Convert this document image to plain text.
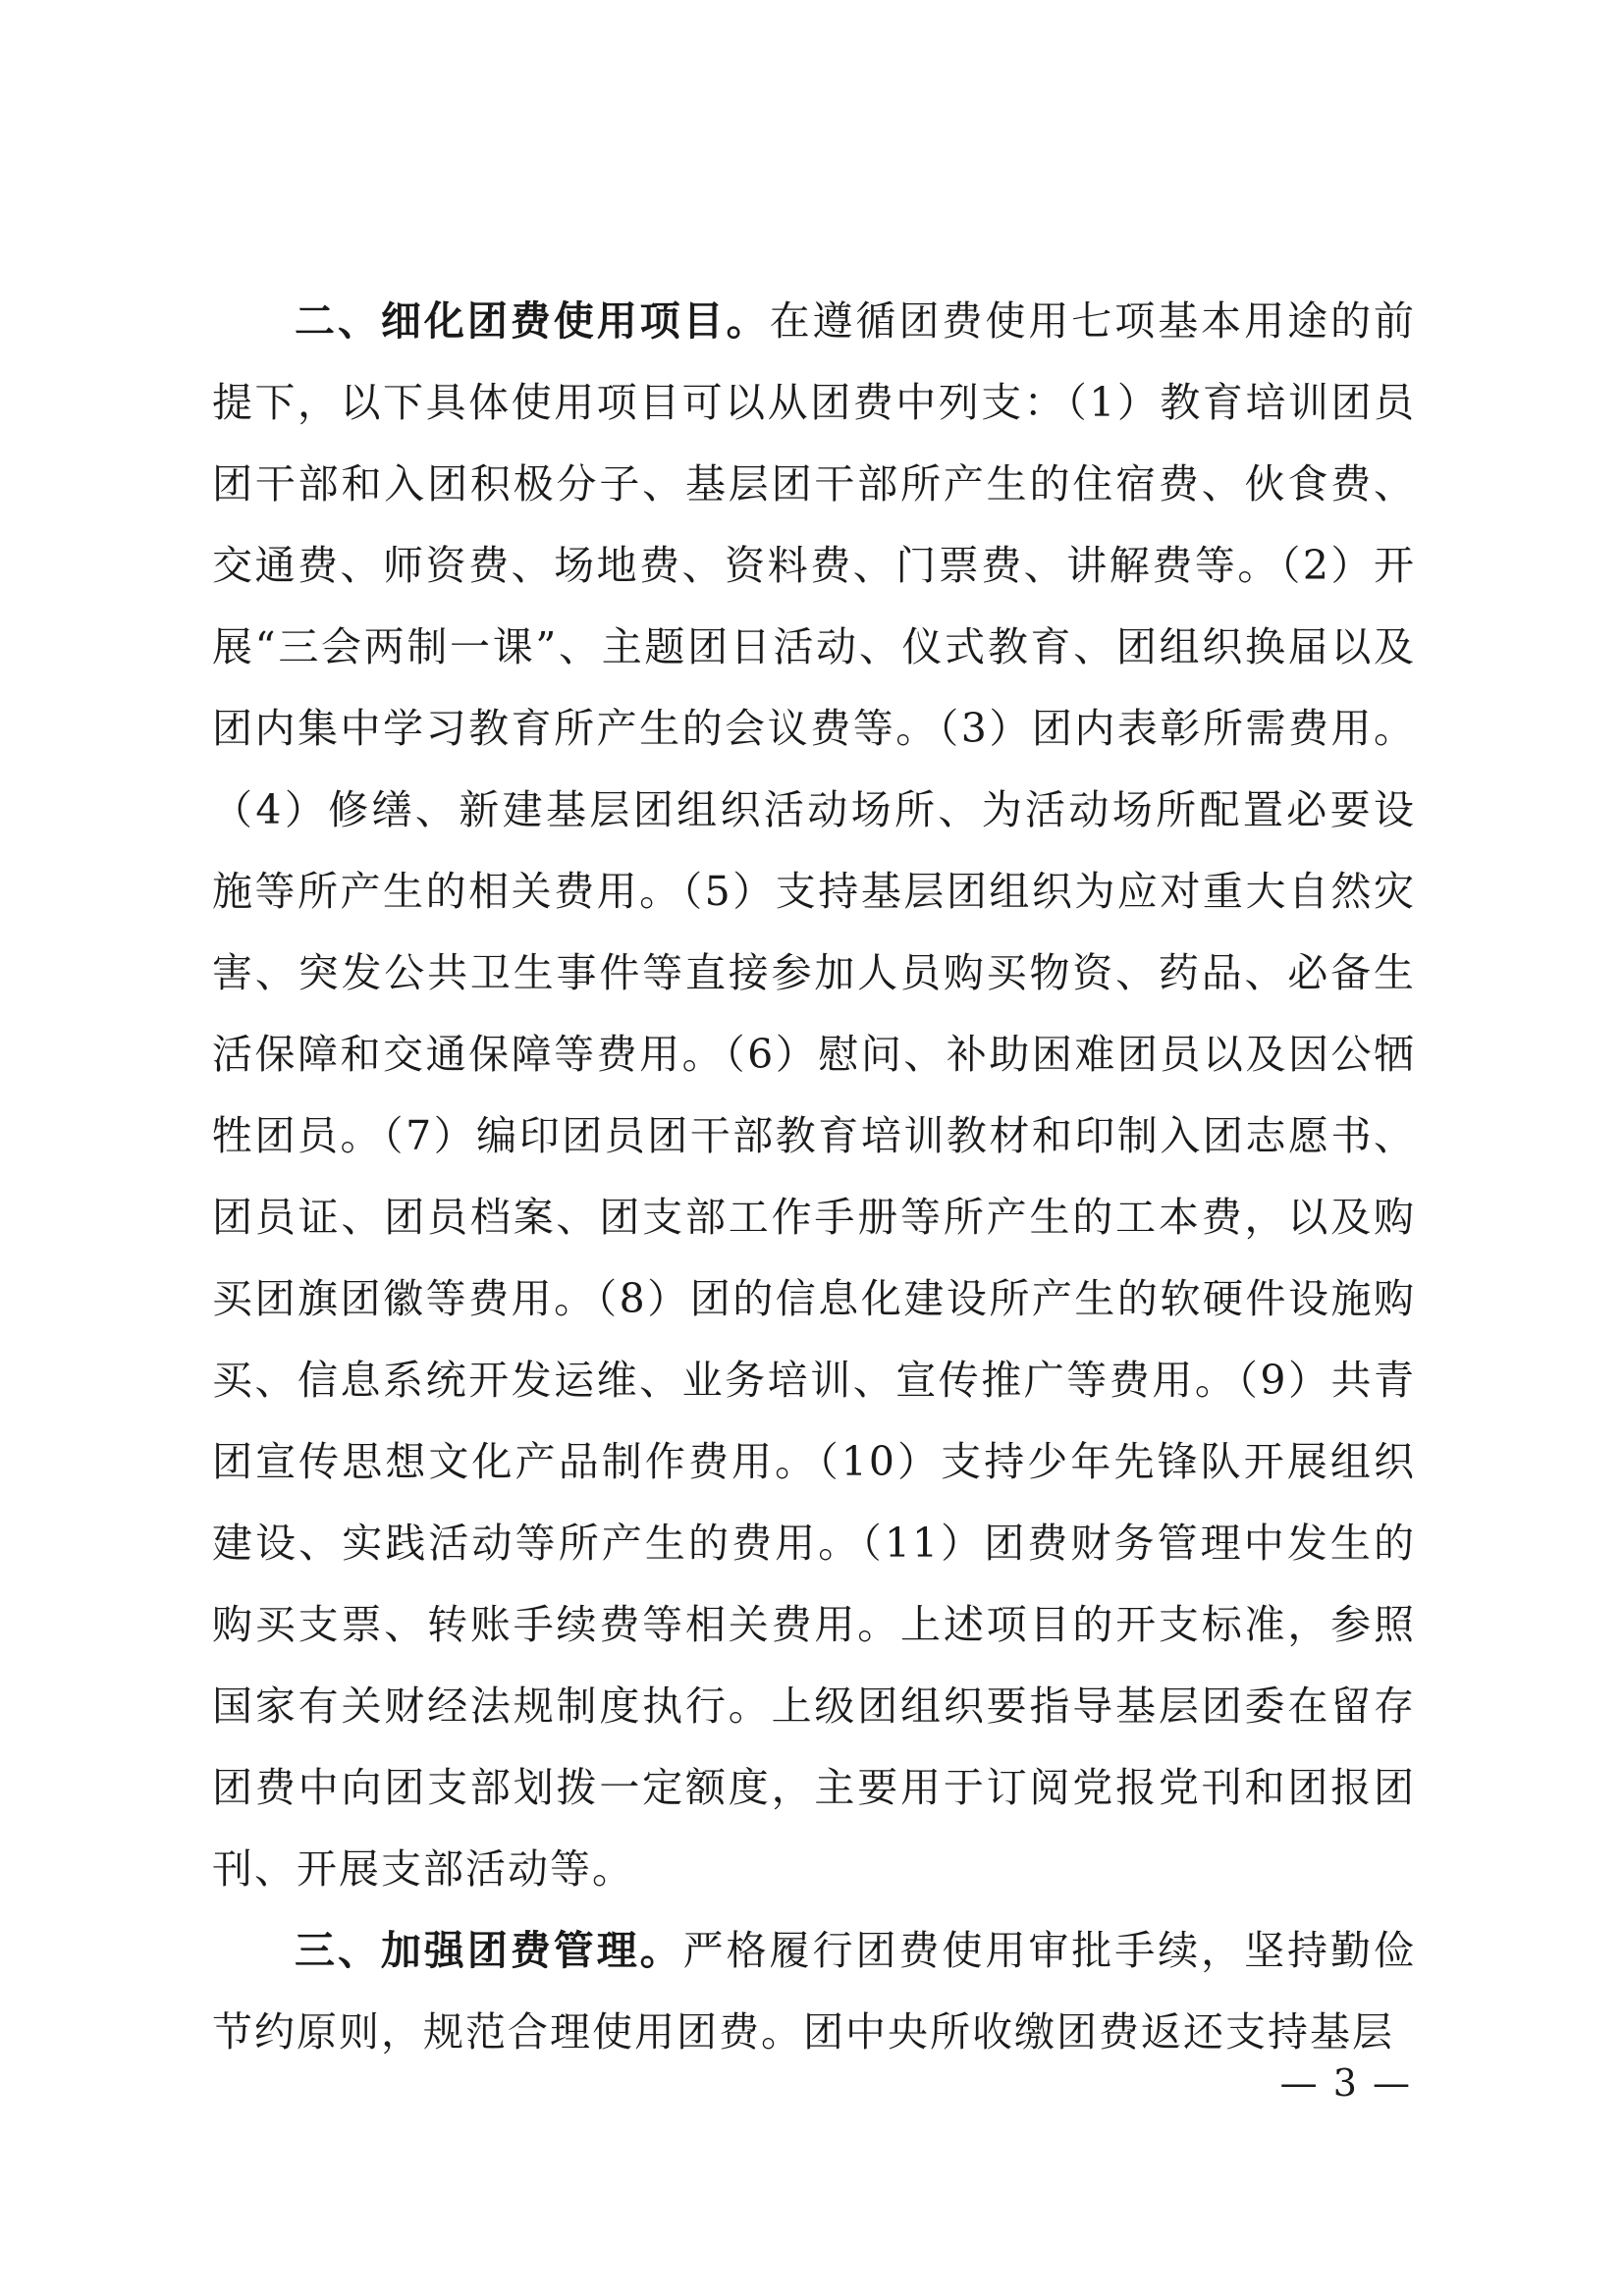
二、细化团费使用项目。在遵循团费使用七项基本用途的前提下，以下具体使用项目可以从团费中列支：（1）教育培训团员团干部和入团积极分子、基层团干部所产生的住宿费、伙食费、交通费、师资费、场地费、资料费、门票费、讲解费等。（2）开展“三会两制一课”、主题团日活动、仪式教育、团组织换届以及团内集中学习教育所产生的会议费等。（3）团内表彰所需费用。（4）修缮、新建基层团组织活动场所、为活动场所配置必要设施等所产生的相关费用。（5）支持基层团组织为应对重大自然灾害、突发公共卫生事件等直接参加人员购买物资、药品、必备生活保障和交通保障等费用。（6）慰问、补助困难团员以及因公牺牲团员。（7）编印团员团干部教育培训教材和印制入团志愿书、团员证、团员档案、团支部工作手册等所产生的工本费，以及购买团旗团徽等费用。（8）团的信息化建设所产生的软硬件设施购买、信息系统开发运维、业务培训、宣传推广等费用。（9）共青团宣传思想文化产品制作费用。（10）支持少年先锋队开展组织建设、实践活动等所产生的费用。（11）团费财务管理中发生的购买支票、转账手续费等相关费用。上述项目的开支标准，参照国家有关财经法规制度执行。上级团组织要指导基层团委在留存团费中向团支部划拨一定额度，主要用于订阅党报党刊和团报团刊、开展支部活动等。

三、加强团费管理。严格履行团费使用审批手续，坚持勤俭节约原则，规范合理使用团费。团中央所收缴团费返还支持基层

— 3 —
